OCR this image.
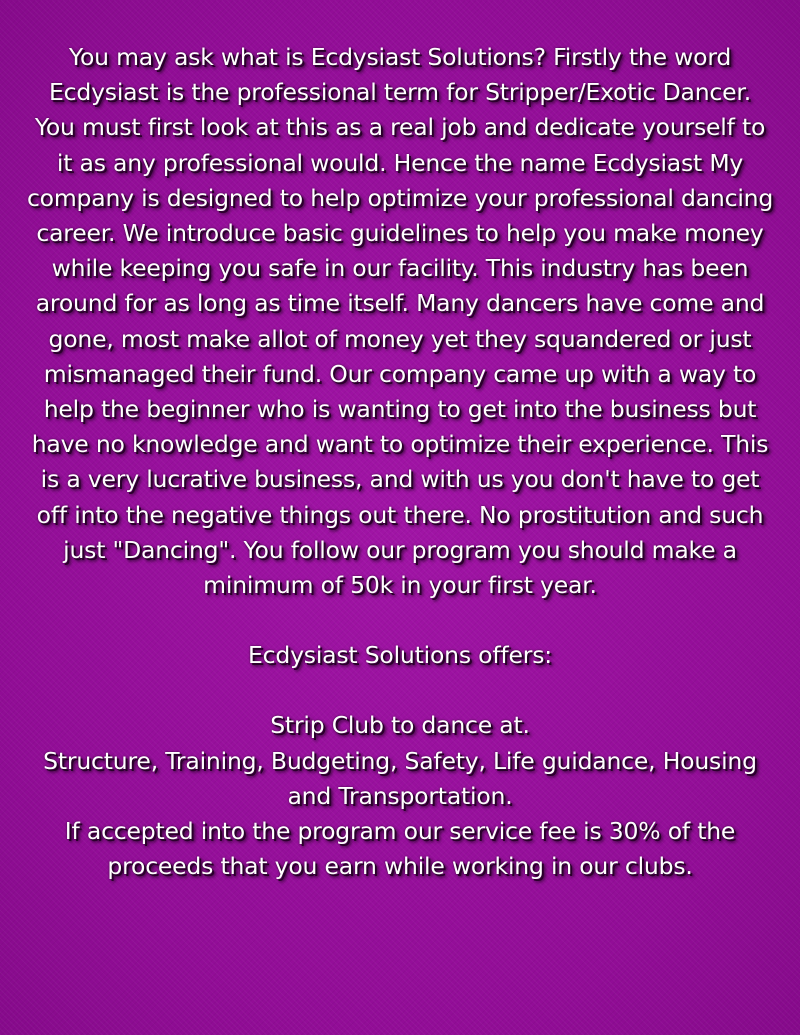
You may ask what is Ecdysiast Solutions? Firstly the word Ecdysiast is the professional term for Stripper/Exotic Dancer. You must first look at this as a real job and dedicate yourself to it as any professional would. Hence the name Ecdysiast My company is designed to help optimize your professional dancing career. We introduce basic guidelines to help you make money while keeping you safe in our facility. This industry has been around for as long as time itself. Many dancers have come and gone, most make allot of money yet they squandered or just mismanaged their fund. Our company came up with a way to help the beginner who is wanting to get into the business but have no knowledge and want to optimize their experience. This is a very lucrative business, and with us you don't have to get off into the negative things out there. No prostitution and such just "Dancing". You follow our program you should make a minimum of 50k in your first year.

Ecdysiast Solutions offers:

Strip Club to dance at.
Structure, Training, Budgeting, Safety, Life guidance, Housing and Transportation.
If accepted into the program our service fee is 30% of the proceeds that you earn while working in our clubs.
